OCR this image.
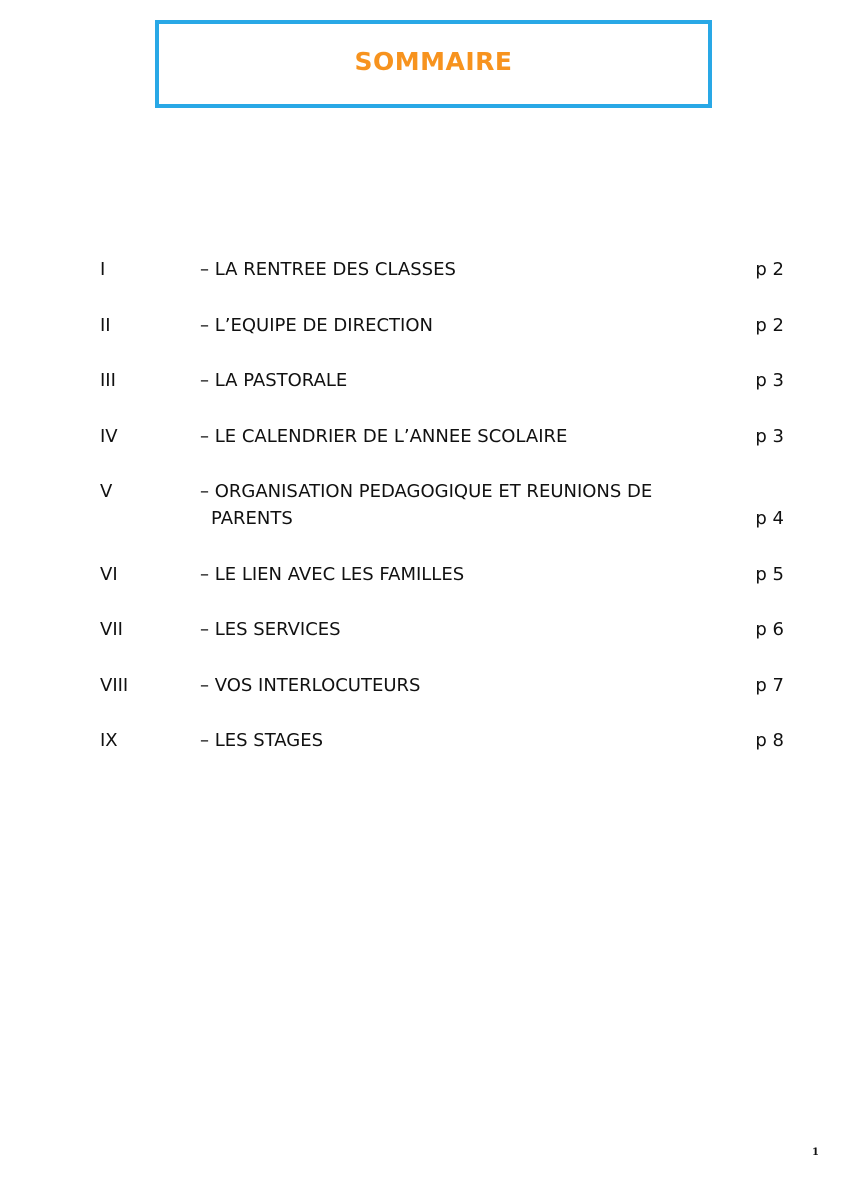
SOMMAIRE
I	– LA RENTREE DES CLASSES	p 2
II	– L’EQUIPE DE DIRECTION	p 2
III	– LA PASTORALE	p 3
IV	– LE CALENDRIER DE L’ANNEE SCOLAIRE	p 3
V	– ORGANISATION PEDAGOGIQUE ET REUNIONS DE
PARENTS	p 4
VI	– LE LIEN AVEC LES FAMILLES	p 5
VII	– LES SERVICES	p 6
VIII	– VOS INTERLOCUTEURS	p 7
IX	– LES STAGES	p 8
1
